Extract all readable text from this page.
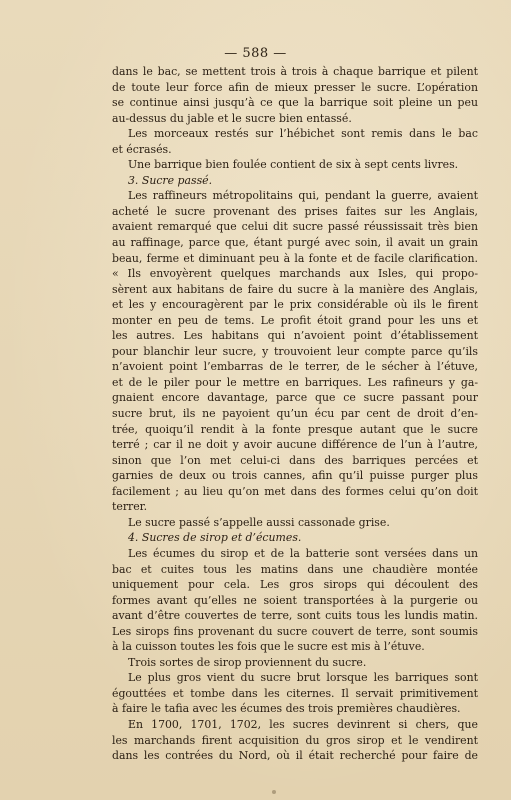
— 588 —
dans le bac, se mettent trois à trois à chaque barrique et pilent
de toute leur force afin de mieux presser le sucre. L’opération
se continue ainsi jusqu’à ce que la barrique soit pleine un peu
au-dessus du jable et le sucre bien entassé.
Les morceaux restés sur l’hébichet sont remis dans le bac
et écrasés.
Une barrique bien foulée contient de six à sept cents livres.
3. Sucre passé.
Les raffineurs métropolitains qui, pendant la guerre, avaient
acheté le sucre provenant des prises faites sur les Anglais,
avaient remarqué que celui dit sucre passé réussissait très bien
au raffinage, parce que, étant purgé avec soin, il avait un grain
beau, ferme et diminuant peu à la fonte et de facile clarification.
« Ils envoyèrent quelques marchands aux Isles, qui propo-
sèrent aux habitans de faire du sucre à la manière des Anglais,
et les y encouragèrent par le prix considérable où ils le firent
monter en peu de tems. Le profit étoit grand pour les uns et
les autres. Les habitans qui n’avoient point d’établissement
pour blanchir leur sucre, y trouvoient leur compte parce qu’ils
n’avoient point l’embarras de le terrer, de le sécher à l’étuve,
et de le piler pour le mettre en barriques. Les rafineurs y ga-
gnaient encore davantage, parce que ce sucre passant pour
sucre brut, ils ne payoient qu’un écu par cent de droit d’en-
trée, quoiqu’il rendit à la fonte presque autant que le sucre
terré ; car il ne doit y avoir aucune différence de l’un à l’autre,
sinon que l’on met celui-ci dans des barriques percées et
garnies de deux ou trois cannes, afin qu’il puisse purger plus
facilement ; au lieu qu’on met dans des formes celui qu’on doit
terrer.
Le sucre passé s’appelle aussi cassonade grise.
4. Sucres de sirop et d’écumes.
Les écumes du sirop et de la batterie sont versées dans un
bac et cuites tous les matins dans une chaudière montée
uniquement pour cela. Les gros sirops qui découlent des
formes avant qu’elles ne soient transportées à la purgerie ou
avant d’être couvertes de terre, sont cuits tous les lundis matin.
Les sirops fins provenant du sucre couvert de terre, sont soumis
à la cuisson toutes les fois que le sucre est mis à l’étuve.
Trois sortes de sirop proviennent du sucre.
Le plus gros vient du sucre brut lorsque les barriques sont
égouttées et tombe dans les citernes. Il servait primitivement
à faire le tafia avec les écumes des trois premières chaudières.
En 1700, 1701, 1702, les sucres devinrent si chers, que
les marchands firent acquisition du gros sirop et le vendirent
dans les contrées du Nord, où il était recherché pour faire de
